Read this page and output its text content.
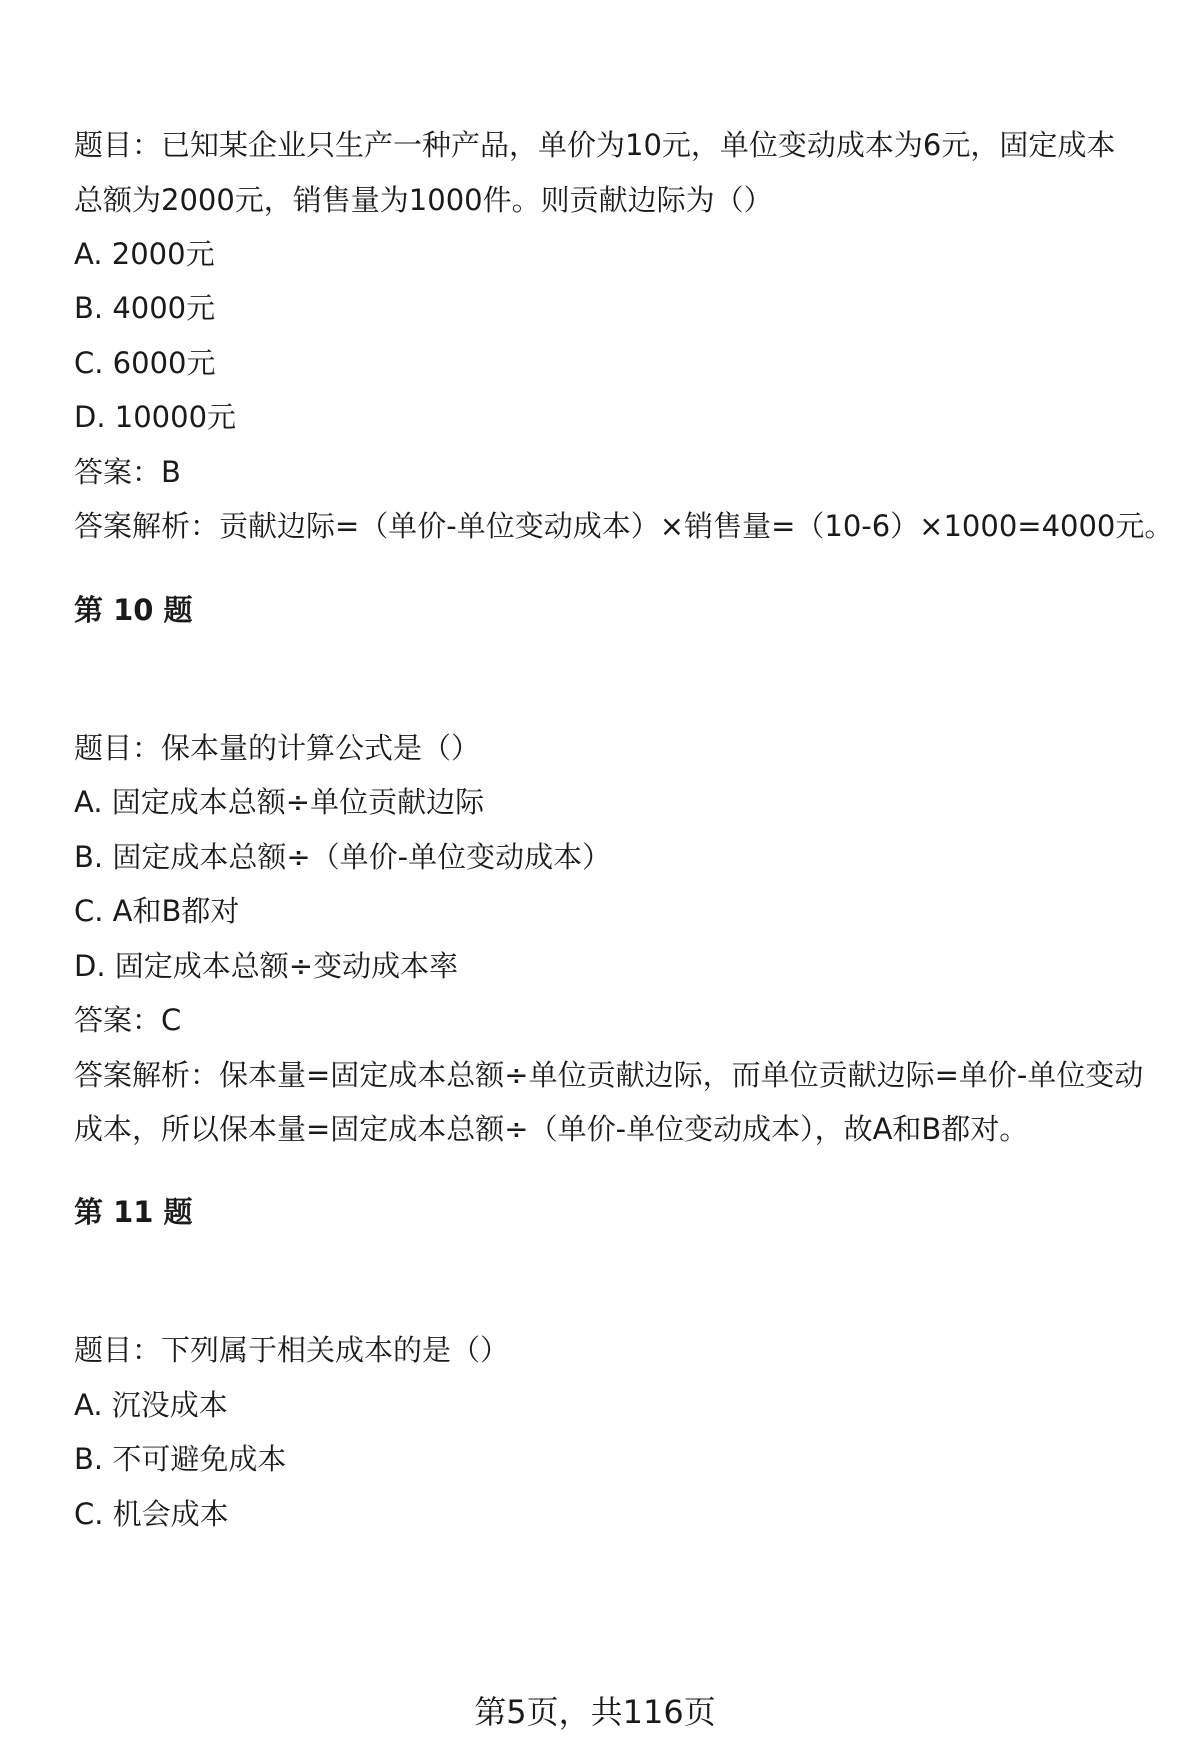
题目：已知某企业只生产一种产品，单价为10元，单位变动成本为6元，固定成本
总额为2000元，销售量为1000件。则贡献边际为（）
A. 2000元
B. 4000元
C. 6000元
D. 10000元
答案：B
答案解析：贡献边际=（单价-单位变动成本）×销售量=（10-6）×1000=4000元。
第 10 题
题目：保本量的计算公式是（）
A. 固定成本总额÷单位贡献边际
B. 固定成本总额÷（单价-单位变动成本）
C. A和B都对
D. 固定成本总额÷变动成本率
答案：C
答案解析：保本量=固定成本总额÷单位贡献边际，而单位贡献边际=单价-单位变动
成本，所以保本量=固定成本总额÷（单价-单位变动成本），故A和B都对。
第 11 题
题目：下列属于相关成本的是（）
A. 沉没成本
B. 不可避免成本
C. 机会成本
第5页，共116页
